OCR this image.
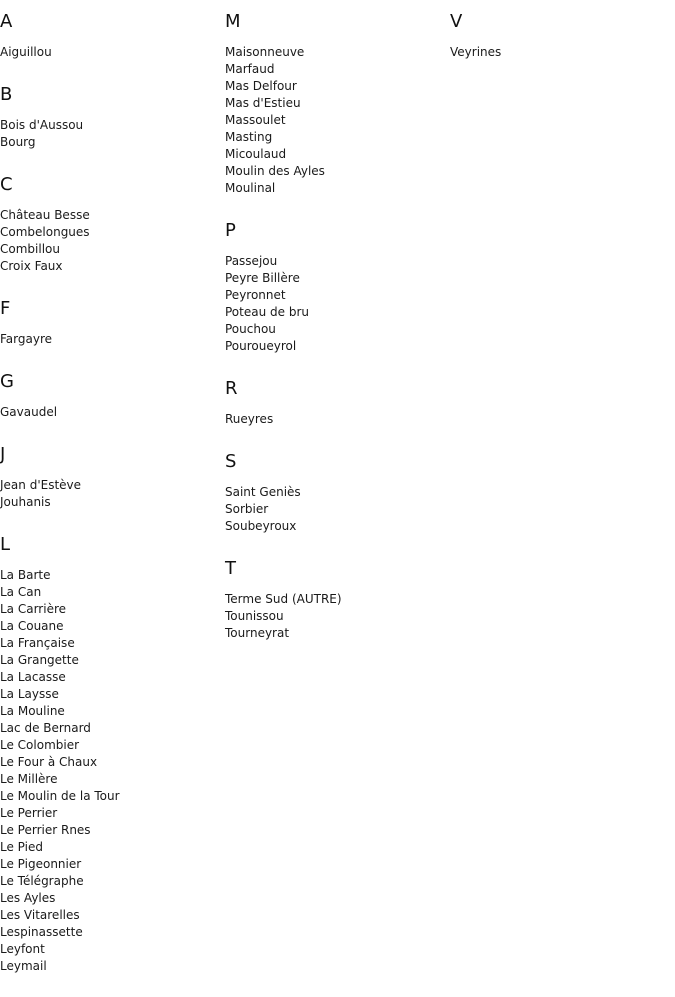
A
Aiguillou
B
Bois d'Aussou
Bourg
C
Château Besse
Combelongues
Combillou
Croix Faux
F
Fargayre
G
Gavaudel
J
Jean d'Estève
Jouhanis
L
La Barte
La Can
La Carrière
La Couane
La Française
La Grangette
La Lacasse
La Laysse
La Mouline
Lac de Bernard
Le Colombier
Le Four à Chaux
Le Millère
Le Moulin de la Tour
Le Perrier
Le Perrier Rnes
Le Pied
Le Pigeonnier
Le Télégraphe
Les Ayles
Les Vitarelles
Lespinassette
Leyfont
Leymail
M
Maisonneuve
Marfaud
Mas Delfour
Mas d'Estieu
Massoulet
Masting
Micoulaud
Moulin des Ayles
Moulinal
P
Passejou
Peyre Billère
Peyronnet
Poteau de bru
Pouchou
Pouroueyrol
R
Rueyres
S
Saint Geniès
Sorbier
Soubeyroux
T
Terme Sud (AUTRE)
Tounissou
Tourneyrat
V
Veyrines
